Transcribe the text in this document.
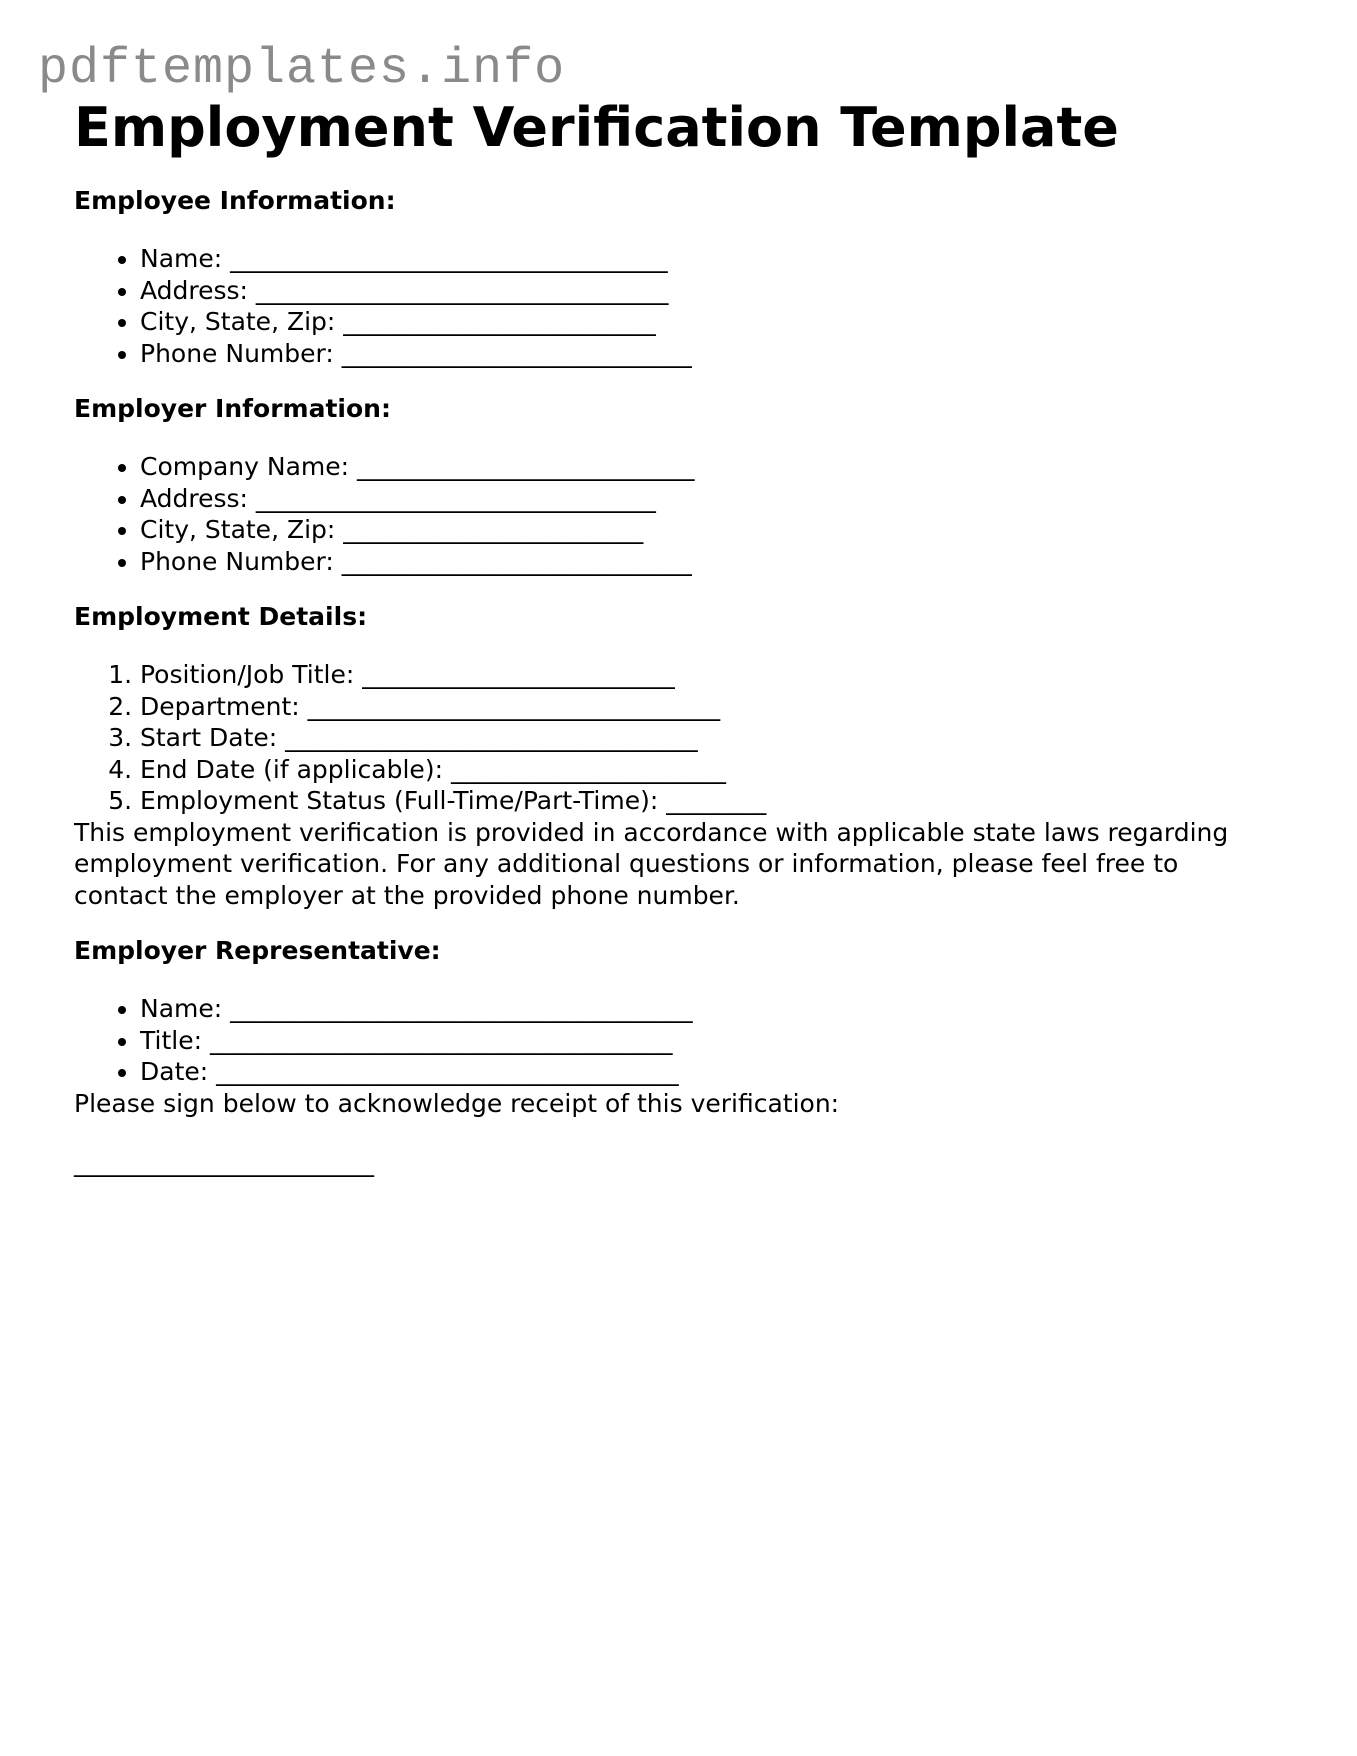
pdftemplates.info
Employment Verification Template
Employee Information:
• Name: ___________________________________
• Address: _________________________________
• City, State, Zip: _________________________
• Phone Number: ____________________________
Employer Information:
• Company Name: ___________________________
• Address: ________________________________
• City, State, Zip: ________________________
• Phone Number: ____________________________
Employment Details:
1. Position/Job Title: _________________________
2. Department: _________________________________
3. Start Date: _________________________________
4. End Date (if applicable): ______________________
5. Employment Status (Full-Time/Part-Time): ________

This employment verification is provided in accordance with applicable state laws regarding employment verification. For any additional questions or information, please feel free to contact the employer at the provided phone number.

Employer Representative:
• Name: _____________________________________
• Title: _____________________________________
• Date: _____________________________________

Please sign below to acknowledge receipt of this verification:

________________________
